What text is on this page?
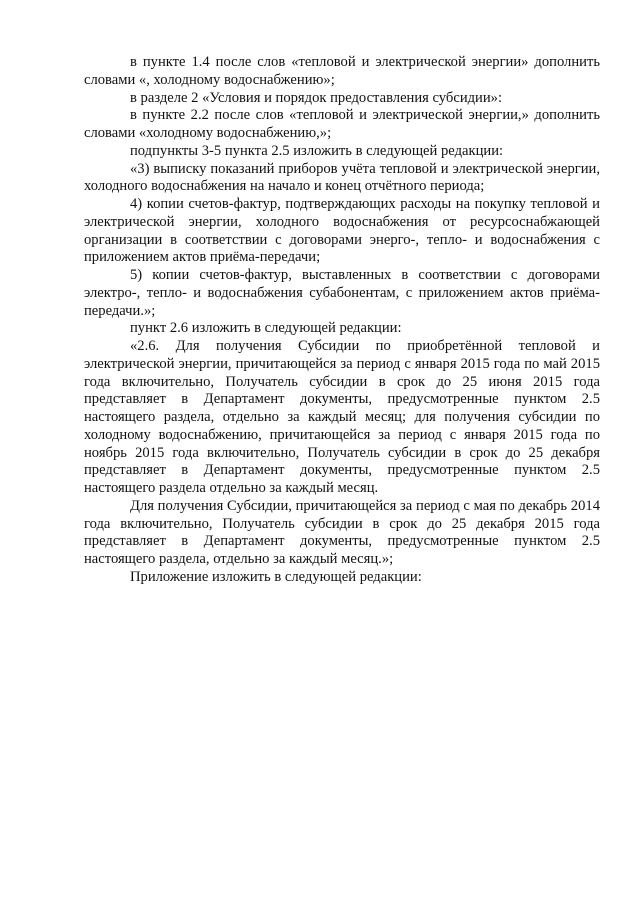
в пункте 1.4 после слов «тепловой и электрической энергии» дополнить словами «, холодному водоснабжению»;

в разделе 2 «Условия и порядок предоставления субсидии»:

в пункте 2.2 после слов «тепловой и электрической энергии,» дополнить словами «холодному водоснабжению,»;

подпункты 3-5 пункта 2.5 изложить в следующей редакции:

«3) выписку показаний приборов учёта тепловой и электрической энергии, холодного водоснабжения на начало и конец отчётного периода;

4) копии счетов-фактур, подтверждающих расходы на покупку тепловой и электрической энергии, холодного водоснабжения от ресурсоснабжающей организации в соответствии с договорами энерго-, тепло- и водоснабжения с приложением актов приёма-передачи;

5) копии счетов-фактур, выставленных в соответствии с договорами электро-, тепло- и водоснабжения субабонентам, с приложением актов приёма-передачи.»;

пункт 2.6 изложить в следующей редакции:

«2.6. Для получения Субсидии по приобретённой тепловой и электрической энергии, причитающейся за период с января 2015 года по май 2015 года включительно, Получатель субсидии в срок до 25 июня 2015 года представляет в Департамент документы, предусмотренные пунктом 2.5 настоящего раздела, отдельно за каждый месяц; для получения субсидии по холодному водоснабжению, причитающейся за период с января 2015 года по ноябрь 2015 года включительно, Получатель субсидии в срок до 25 декабря представляет в Департамент документы, предусмотренные пунктом 2.5 настоящего раздела отдельно за каждый месяц.

Для получения Субсидии, причитающейся за период с мая по декабрь 2014 года включительно, Получатель субсидии в срок до 25 декабря 2015 года представляет в Департамент документы, предусмотренные пунктом 2.5 настоящего раздела, отдельно за каждый месяц.»;

Приложение изложить в следующей редакции:
